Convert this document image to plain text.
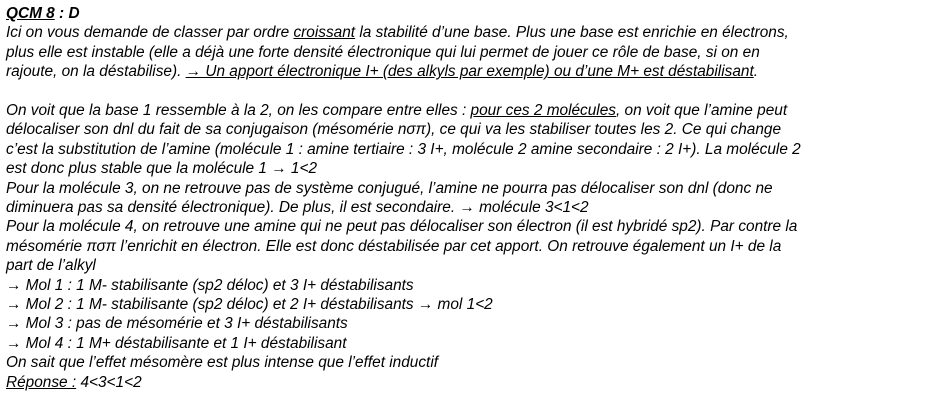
QCM 8 : D
Ici on vous demande de classer par ordre croissant la stabilité d’une base. Plus une base est enrichie en électrons,
plus elle est instable (elle a déjà une forte densité électronique qui lui permet de jouer ce rôle de base, si on en
rajoute, on la déstabilise). → Un apport électronique I+ (des alkyls par exemple) ou d’une M+ est déstabilisant.
On voit que la base 1 ressemble à la 2, on les compare entre elles : pour ces 2 molécules, on voit que l’amine peut
délocaliser son dnl du fait de sa conjugaison (mésomérie nσπ), ce qui va les stabiliser toutes les 2. Ce qui change
c’est la substitution de l’amine (molécule 1 : amine tertiaire : 3 I+, molécule 2 amine secondaire : 2 I+). La molécule 2
est donc plus stable que la molécule 1 → 1<2
Pour la molécule 3, on ne retrouve pas de système conjugué, l’amine ne pourra pas délocaliser son dnl (donc ne
diminuera pas sa densité électronique). De plus, il est secondaire. → molécule 3<1<2
Pour la molécule 4, on retrouve une amine qui ne peut pas délocaliser son électron (il est hybridé sp2). Par contre la
mésomérie πσπ l’enrichit en électron. Elle est donc déstabilisée par cet apport. On retrouve également un I+ de la
part de l’alkyl
→ Mol 1 : 1 M- stabilisante (sp2 déloc) et 3 I+ déstabilisants
→ Mol 2 : 1 M- stabilisante (sp2 déloc) et 2 I+ déstabilisants → mol 1<2
→ Mol 3 : pas de mésomérie et 3 I+ déstabilisants
→ Mol 4 : 1 M+ déstabilisante et 1 I+ déstabilisant
On sait que l’effet mésomère est plus intense que l’effet inductif
Réponse : 4<3<1<2
